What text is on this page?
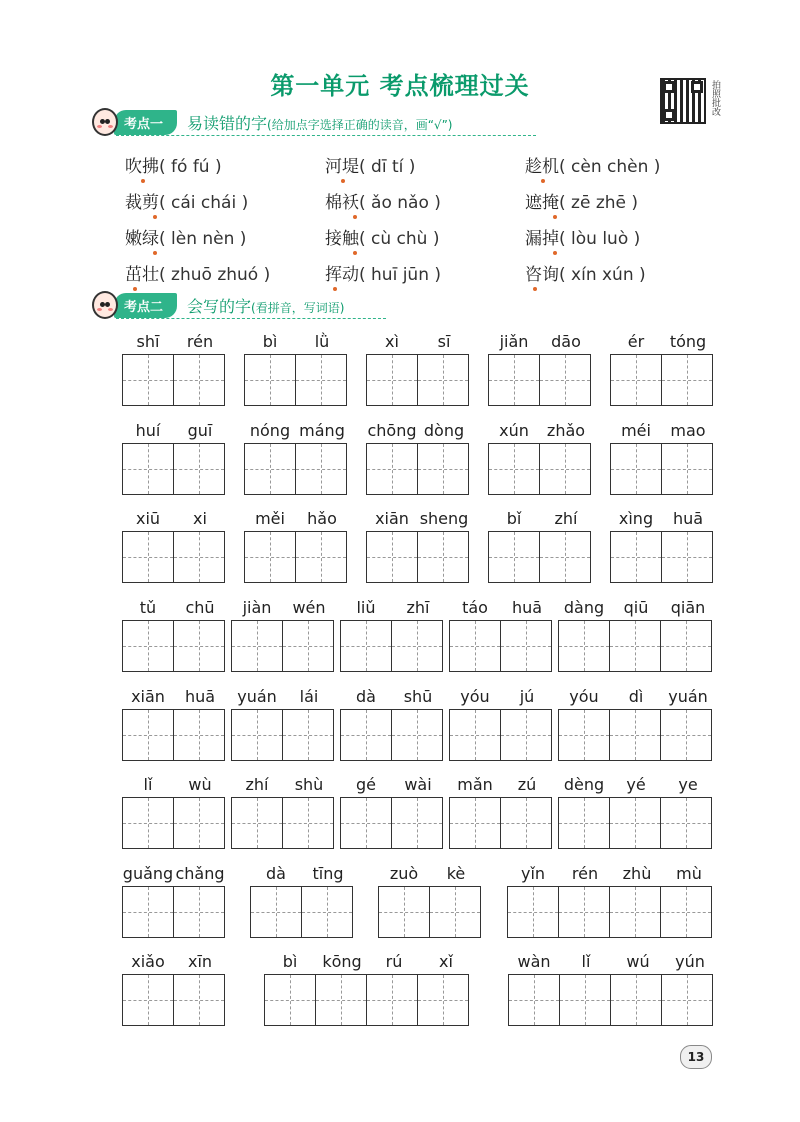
第一单元 考点梳理过关	拍照批改
考点一	易读错的字(给加点字选择正确的读音，画“√”)
吹拂( fó fú )	河堤( dī tí )	趁机( cèn chèn )
裁剪( cái chái )	棉袄( ǎo nǎo )	遮掩( zē zhē )
嫩绿( lèn nèn )	接触( cù chù )	漏掉( lòu luò )
茁壮( zhuō zhuó )	挥动( huī jūn )	咨询( xín xún )
考点二	会写的字(看拼音，写词语)
shī	rén	bì	lǜ	xì	sī	jiǎn	dāo	ér	tóng
huí	guī	nóng máng chōng dòng	xún	zhǎo	méi	mao
xiū	xi	měi	hǎo	xiān sheng	bǐ	zhí	xìng	huā
tǔ	chū	jiàn	wén	liǔ	zhī	táo	huā	dàng	qiū	qiān
xiān	huā	yuán	lái	dà	shū	yóu	jú	yóu	dì	yuán
lǐ	wù	zhí	shù	gé	wài	mǎn	zú	dèng	yé	ye
guǎng chǎng	dà	tīng	zuò	kè	yǐn	rén	zhù	mù
xiǎo	xīn	bì	kōng	rú	xǐ	wàn	lǐ	wú	yún
13
